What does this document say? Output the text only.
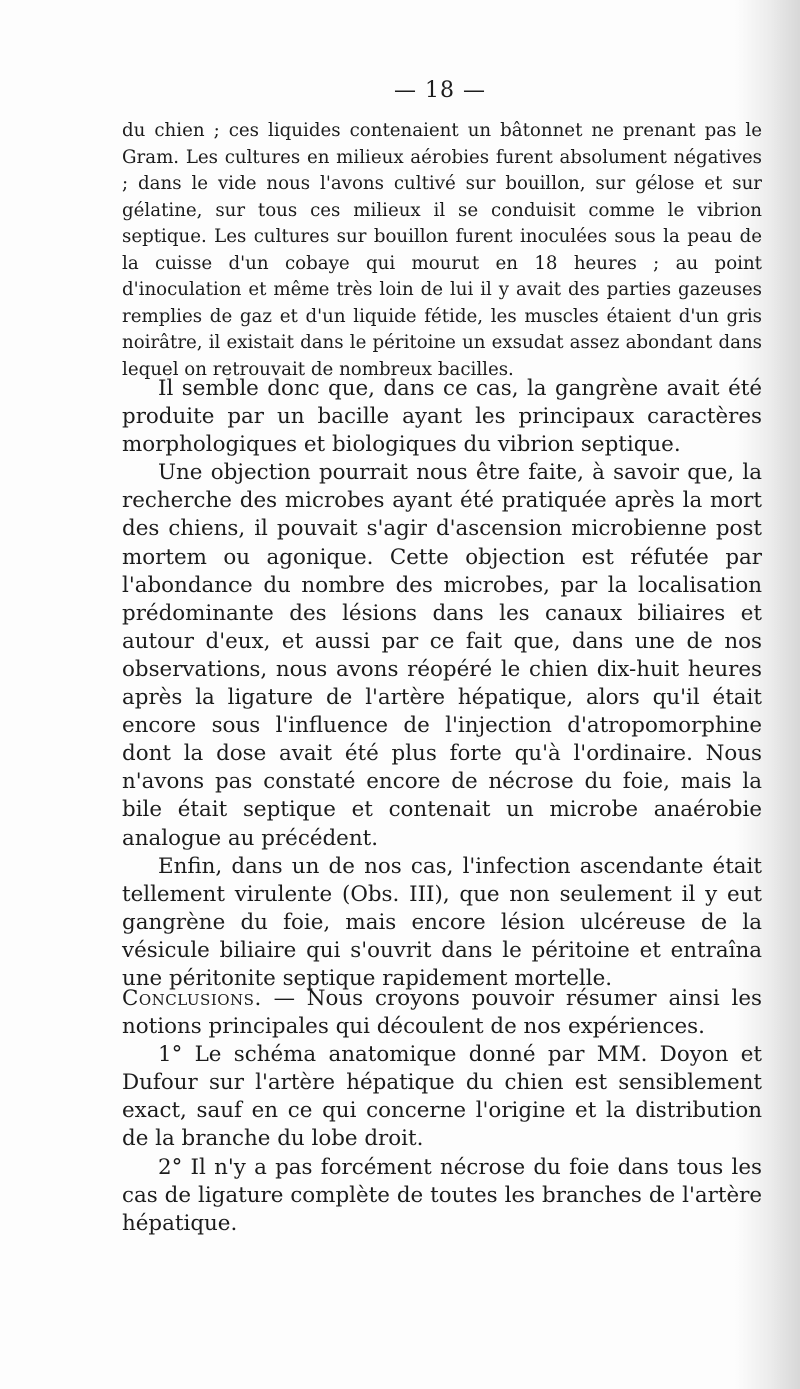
— 18 —

du chien ; ces liquides contenaient un bâtonnet ne prenant pas le Gram. Les cultures en milieux aérobies furent absolument négatives ; dans le vide nous l'avons cultivé sur bouillon, sur gélose et sur gélatine, sur tous ces milieux il se conduisit comme le vibrion septique. Les cultures sur bouillon furent inoculées sous la peau de la cuisse d'un cobaye qui mourut en 18 heures ; au point d'inoculation et même très loin de lui il y avait des parties gazeuses remplies de gaz et d'un liquide fétide, les muscles étaient d'un gris noirâtre, il existait dans le péritoine un exsudat assez abondant dans lequel on retrouvait de nombreux bacilles.

Il semble donc que, dans ce cas, la gangrène avait été produite par un bacille ayant les principaux caractères morphologiques et biologiques du vibrion septique.

Une objection pourrait nous être faite, à savoir que, la recherche des microbes ayant été pratiquée après la mort des chiens, il pouvait s'agir d'ascension microbienne post mortem ou agonique. Cette objection est réfutée par l'abondance du nombre des microbes, par la localisation prédominante des lésions dans les canaux biliaires et autour d'eux, et aussi par ce fait que, dans une de nos observations, nous avons réopéré le chien dix-huit heures après la ligature de l'artère hépatique, alors qu'il était encore sous l'influence de l'injection d'atropomorphine dont la dose avait été plus forte qu'à l'ordinaire. Nous n'avons pas constaté encore de nécrose du foie, mais la bile était septique et contenait un microbe anaérobie analogue au précédent.

Enfin, dans un de nos cas, l'infection ascendante était tellement virulente (Obs. III), que non seulement il y eut gangrène du foie, mais encore lésion ulcéreuse de la vésicule biliaire qui s'ouvrit dans le péritoine et entraîna une péritonite septique rapidement mortelle.

Conclusions. — Nous croyons pouvoir résumer ainsi les notions principales qui découlent de nos expériences.

1° Le schéma anatomique donné par MM. Doyon et Dufour sur l'artère hépatique du chien est sensiblement exact, sauf en ce qui concerne l'origine et la distribution de la branche du lobe droit.

2° Il n'y a pas forcément nécrose du foie dans tous les cas de ligature complète de toutes les branches de l'artère hépatique.
